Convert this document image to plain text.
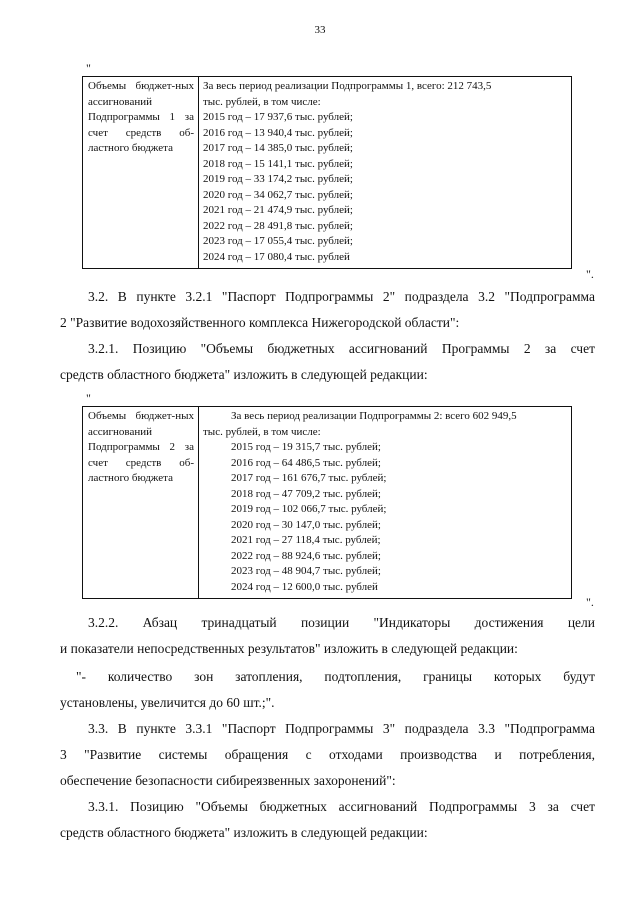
33
"
Объемы бюджет-ных ассигнований Подпрограммы 1 за счет средств об-ластного бюджета	
За весь период реализации Подпрограммы 1, всего: 212 743,5
тыс. рублей, в том числе:
2015 год – 17 937,6 тыс. рублей;
2016 год – 13 940,4 тыс. рублей;
2017 год – 14 385,0 тыс. рублей;
2018 год – 15 141,1 тыс. рублей;
2019 год – 33 174,2 тыс. рублей;
2020 год – 34 062,7 тыс. рублей;
2021 год – 21 474,9 тыс. рублей;
2022 год – 28 491,8 тыс. рублей;
2023 год – 17 055,4 тыс. рублей;
2024 год – 17 080,4 тыс. рублей
".
3.2. В пункте 3.2.1 "Паспорт Подпрограммы 2" подраздела 3.2 "Подпрограмма
2 "Развитие водохозяйственного комплекса Нижегородской области":
3.2.1. Позицию "Объемы бюджетных ассигнований Программы 2 за счет
средств областного бюджета" изложить в следующей редакции:
"
Объемы бюджет-ных ассигнований Подпрограммы 2 за счет средств об-ластного бюджета	
За весь период реализации Подпрограммы 2: всего 602 949,5
тыс. рублей, в том числе:
2015 год – 19 315,7 тыс. рублей;
2016 год – 64 486,5 тыс. рублей;
2017 год – 161 676,7 тыс. рублей;
2018 год – 47 709,2 тыс. рублей;
2019 год – 102 066,7 тыс. рублей;
2020 год – 30 147,0 тыс. рублей;
2021 год – 27 118,4 тыс. рублей;
2022 год – 88 924,6 тыс. рублей;
2023 год – 48 904,7 тыс. рублей;
2024 год – 12 600,0 тыс. рублей
".
3.2.2. Абзац тринадцатый позиции "Индикаторы достижения цели
и показатели непосредственных результатов" изложить в следующей редакции:
"- количество зон затопления, подтопления, границы которых будут
установлены, увеличится до 60 шт.;".
3.3. В пункте 3.3.1 "Паспорт Подпрограммы 3" подраздела 3.3 "Подпрограмма
3 "Развитие системы обращения с отходами производства и потребления,
обеспечение безопасности сибиреязвенных захоронений":
3.3.1. Позицию "Объемы бюджетных ассигнований Подпрограммы 3 за счет
средств областного бюджета" изложить в следующей редакции:
